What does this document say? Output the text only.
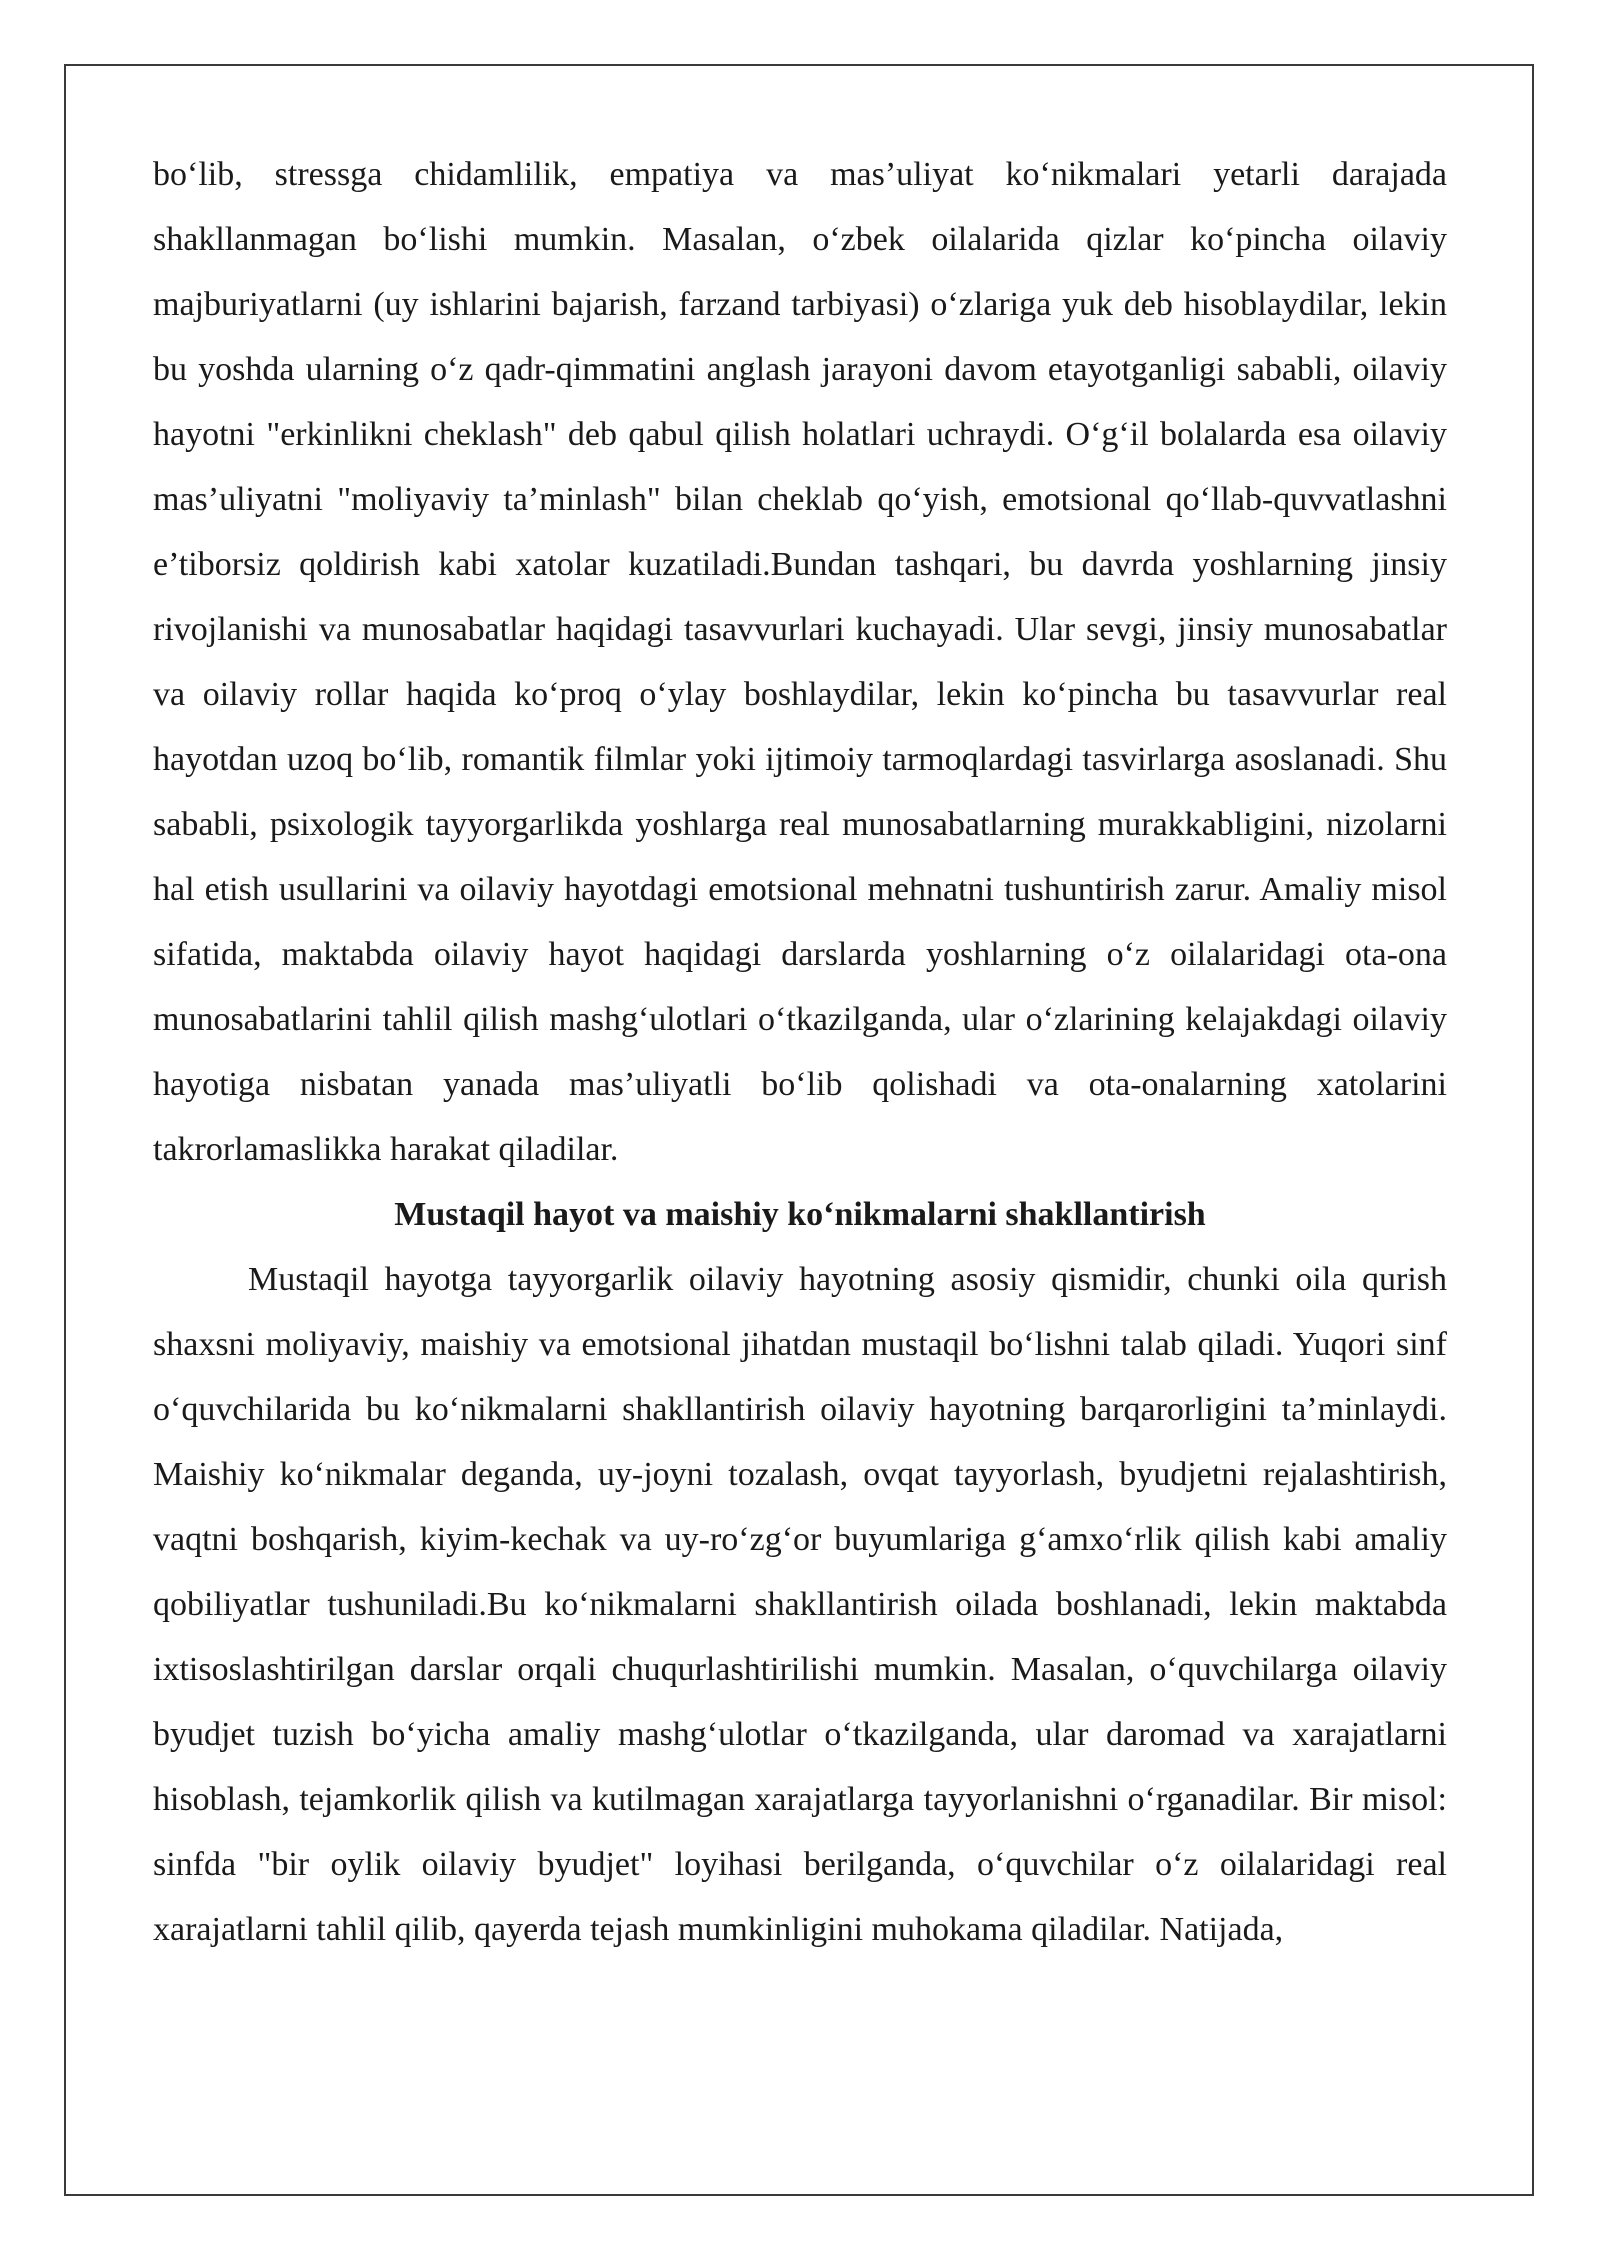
bo‘lib, stressga chidamlilik, empatiya va mas’uliyat ko‘nikmalari yetarli darajada shakllanmagan bo‘lishi mumkin. Masalan, o‘zbek oilalarida qizlar ko‘pincha oilaviy majburiyatlarni (uy ishlarini bajarish, farzand tarbiyasi) o‘zlariga yuk deb hisoblaydilar, lekin bu yoshda ularning o‘z qadr-qimmatini anglash jarayoni davom etayotganligi sababli, oilaviy hayotni "erkinlikni cheklash" deb qabul qilish holatlari uchraydi. O‘g‘il bolalarda esa oilaviy mas’uliyatni "moliyaviy ta’minlash" bilan cheklab qo‘yish, emotsional qo‘llab-quvvatlashni e’tiborsiz qoldirish kabi xatolar kuzatiladi.Bundan tashqari, bu davrda yoshlarning jinsiy rivojlanishi va munosabatlar haqidagi tasavvurlari kuchayadi. Ular sevgi, jinsiy munosabatlar va oilaviy rollar haqida ko‘proq o‘ylay boshlaydilar, lekin ko‘pincha bu tasavvurlar real hayotdan uzoq bo‘lib, romantik filmlar yoki ijtimoiy tarmoqlardagi tasvirlarga asoslanadi. Shu sababli, psixologik tayyorgarlikda yoshlarga real munosabatlarning murakkabligini, nizolarni hal etish usullarini va oilaviy hayotdagi emotsional mehnatni tushuntirish zarur. Amaliy misol sifatida, maktabda oilaviy hayot haqidagi darslarda yoshlarning o‘z oilalaridagi ota-ona munosabatlarini tahlil qilish mashg‘ulotlari o‘tkazilganda, ular o‘zlarining kelajakdagi oilaviy hayotiga nisbatan yanada mas’uliyatli bo‘lib qolishadi va ota-onalarning xatolarini takrorlamaslikka harakat qiladilar.

Mustaqil hayot va maishiy ko‘nikmalarni shakllantirish

Mustaqil hayotga tayyorgarlik oilaviy hayotning asosiy qismidir, chunki oila qurish shaxsni moliyaviy, maishiy va emotsional jihatdan mustaqil bo‘lishni talab qiladi. Yuqori sinf o‘quvchilarida bu ko‘nikmalarni shakllantirish oilaviy hayotning barqarorligini ta’minlaydi. Maishiy ko‘nikmalar deganda, uy-joyni tozalash, ovqat tayyorlash, byudjetni rejalashtirish, vaqtni boshqarish, kiyim-kechak va uy-ro‘zg‘or buyumlariga g‘amxo‘rlik qilish kabi amaliy qobiliyatlar tushuniladi.Bu ko‘nikmalarni shakllantirish oilada boshlanadi, lekin maktabda ixtisoslashtirilgan darslar orqali chuqurlashtirilishi mumkin. Masalan, o‘quvchilarga oilaviy byudjet tuzish bo‘yicha amaliy mashg‘ulotlar o‘tkazilganda, ular daromad va xarajatlarni hisoblash, tejamkorlik qilish va kutilmagan xarajatlarga tayyorlanishni o‘rganadilar. Bir misol: sinfda "bir oylik oilaviy byudjet" loyihasi berilganda, o‘quvchilar o‘z oilalaridagi real xarajatlarni tahlil qilib, qayerda tejash mumkinligini muhokama qiladilar. Natijada,
